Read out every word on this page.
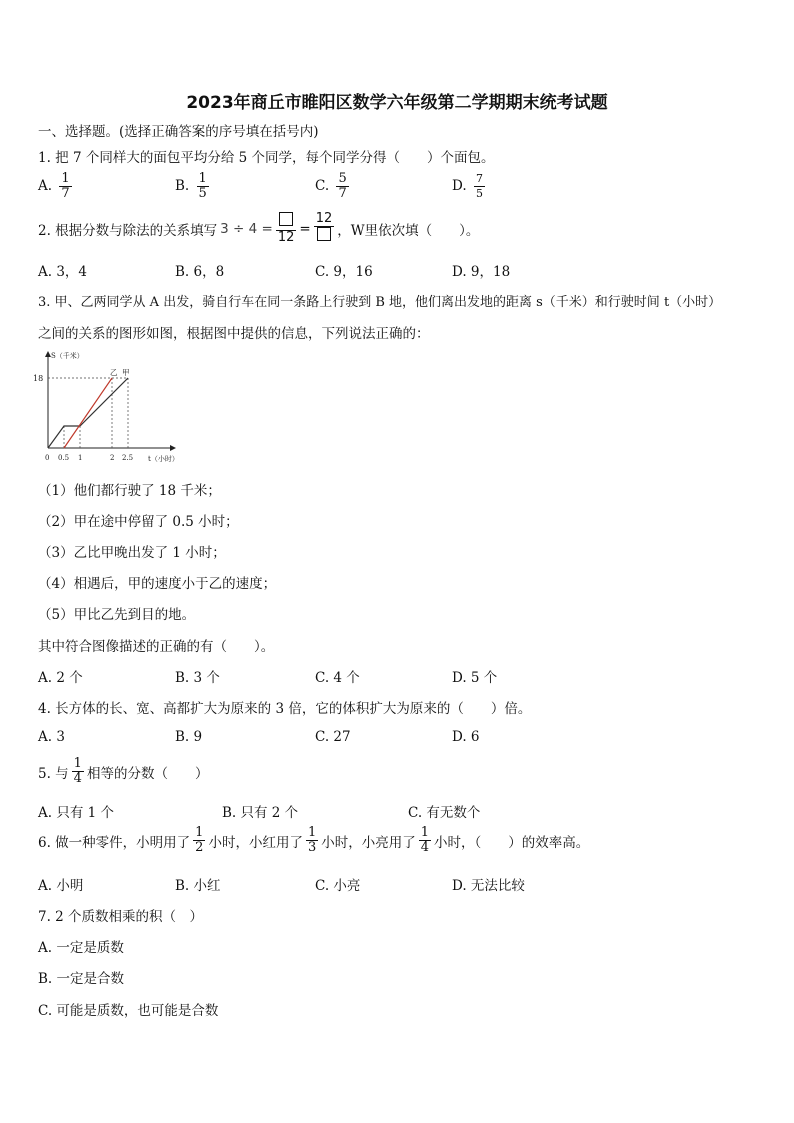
2023年商丘市睢阳区数学六年级第二学期期末统考试题
一、选择题。(选择正确答案的序号填在括号内)
1. 把 7 个同样大的面包平均分给 5 个同学，每个同学分得（　　）个面包。
A. $\frac{1}{7}$	B. $\frac{1}{5}$	C. $\frac{5}{7}$	D. $\frac{7}{5}$
2. 根据分数与除法的关系填写 3 ÷ 4 =
12
=
12
，W里依次填（　　）。
A. 3，4	B. 6，8	C. 9，16	D. 9，18
3. 甲、乙两同学从 A 出发，骑自行车在同一条路上行驶到 B 地，他们离出发地的距离 s（千米）和行驶时间 t（小时）
之间的关系的图形如图，根据图中提供的信息，下列说法正确的：
S（千米）
18
乙 甲
0 0.5 1	2 2.5 t（小时）
（1）他们都行驶了 18 千米；
（2）甲在途中停留了 0.5 小时；
（3）乙比甲晚出发了 1 小时；
（4）相遇后，甲的速度小于乙的速度；
（5）甲比乙先到目的地。
其中符合图像描述的正确的有（　　）。
A. 2 个	B. 3 个	C. 4 个	D. 5 个
4. 长方体的长、宽、高都扩大为原来的 3 倍，它的体积扩大为原来的（　　）倍。
A. 3	B. 9	C. 27	D. 6
5. 与 $\frac{1}{4}$ 相等的分数（　　）
A. 只有 1 个	B. 只有 2 个	C. 有无数个
6. 做一种零件，小明用了 $\frac{1}{2}$ 小时，小红用了 $\frac{1}{3}$ 小时，小亮用了 $\frac{1}{4}$ 小时，（　　）的效率高。
A. 小明	B. 小红	C. 小亮	D. 无法比较
7. 2 个质数相乘的积（　）
A. 一定是质数
B. 一定是合数
C. 可能是质数，也可能是合数
